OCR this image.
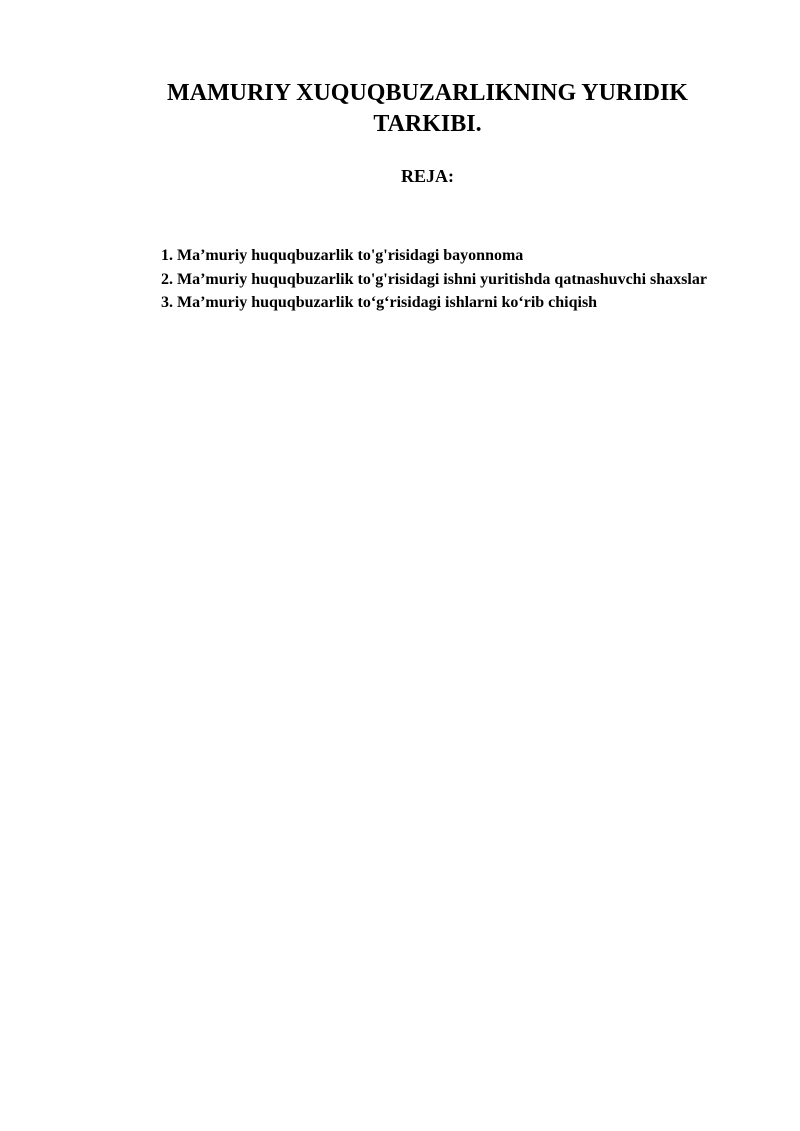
MAMURIY XUQUQBUZARLIKNING YURIDIK TARKIBI.
REJA:
1. Ma’muriy huquqbuzarlik to'g'risidagi bayonnoma
2. Ma’muriy huquqbuzarlik to'g'risidagi ishni yuritishda qatnashuvchi shaxslar
3. Ma’muriy huquqbuzarlik to‘g‘risidagi ishlarni ko‘rib chiqish
